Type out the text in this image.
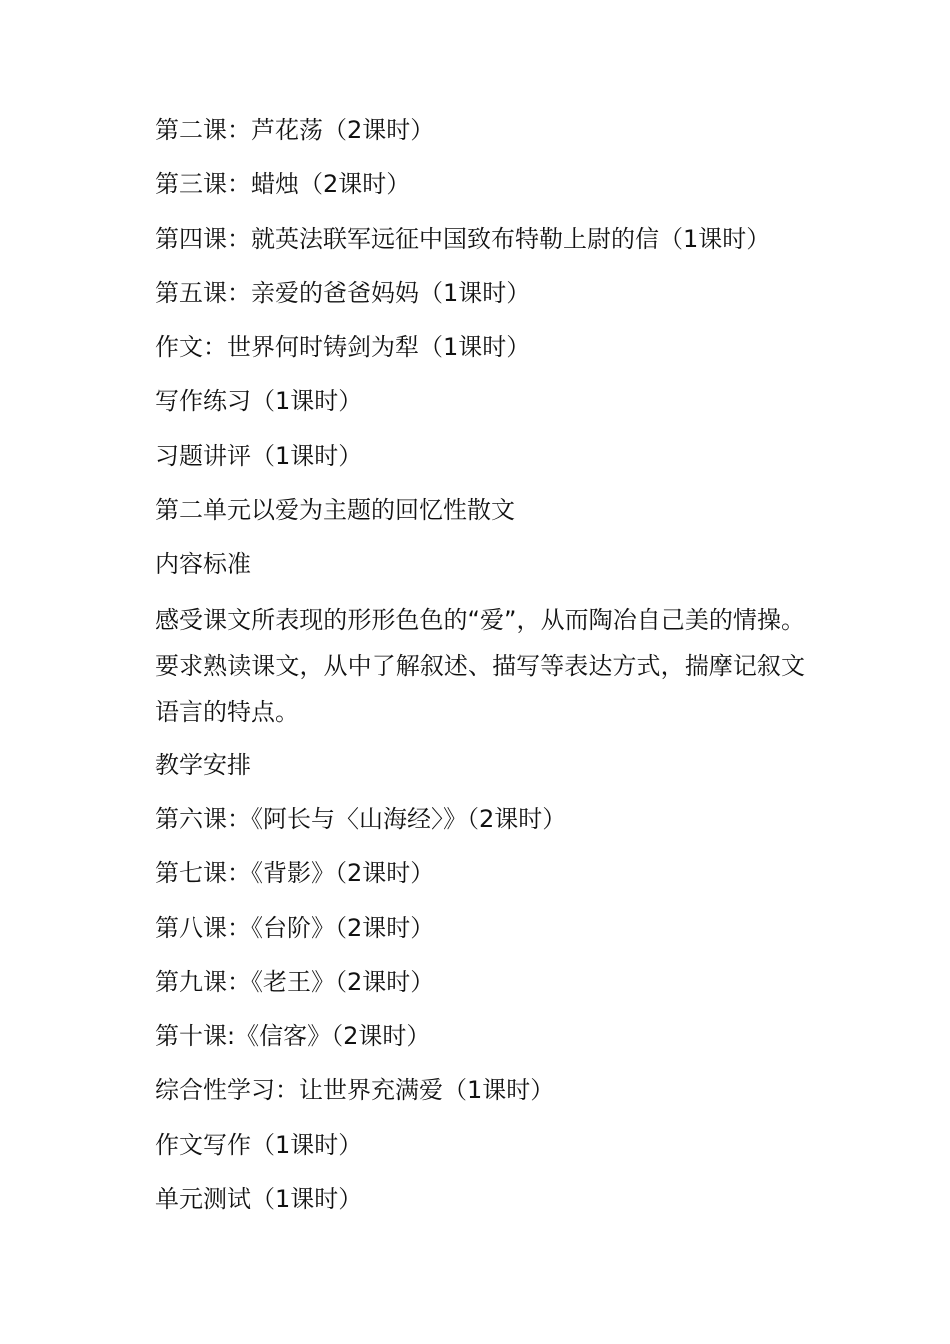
第二课：芦花荡（2课时）
第三课：蜡烛（2课时）
第四课：就英法联军远征中国致布特勒上尉的信（1课时）
第五课：亲爱的爸爸妈妈（1课时）
作文：世界何时铸剑为犁（1课时）
写作练习（1课时）
习题讲评（1课时）
第二单元以爱为主题的回忆性散文
内容标准
感受课文所表现的形形色色的“爱”，从而陶冶自己美的情操。要求熟读课文，从中了解叙述、描写等表达方式，揣摩记叙文语言的特点。
教学安排
第六课：《阿长与〈山海经〉》（2课时）
第七课：《背影》（2课时）
第八课：《台阶》（2课时）
第九课：《老王》（2课时）
第十课:《信客》（2课时）
综合性学习：让世界充满爱（1课时）
作文写作（1课时）
单元测试（1课时）
